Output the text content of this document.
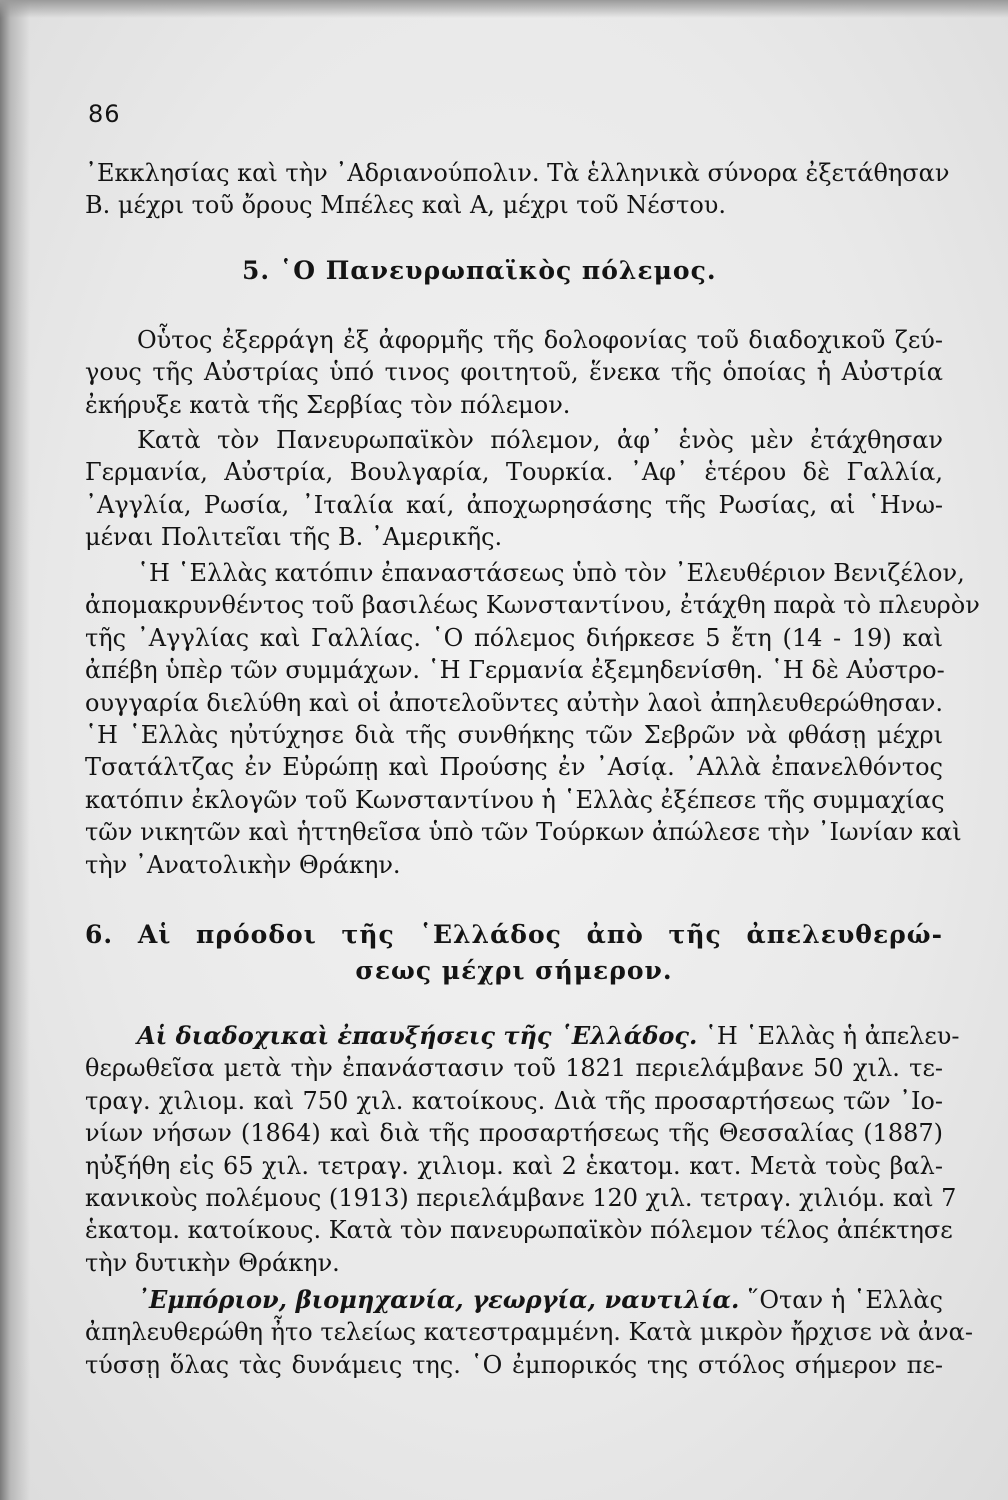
86
᾿Εκκλησίας καὶ τὴν ᾿Αδριανούπολιν. Τὰ ἑλληνικὰ σύνορα ἐξετάθησαν
Β. μέχρι τοῦ ὄρους Μπέλες καὶ Α, μέχρι τοῦ Νέστου.
5. ῾Ο Πανευρωπαϊκὸς πόλεμος.
Οὗτος ἐξερράγη ἐξ ἀφορμῆς τῆς δολοφονίας τοῦ διαδοχικοῦ ζεύ-
γους τῆς Αὐστρίας ὑπό τινος φοιτητοῦ, ἕνεκα τῆς ὁποίας ἡ Αὐστρία
ἐκήρυξε κατὰ τῆς Σερβίας τὸν πόλεμον.
Κατὰ τὸν Πανευρωπαϊκὸν πόλεμον, ἀφ᾿ ἑνὸς μὲν ἐτάχθησαν
Γερμανία, Αὐστρία, Βουλγαρία, Τουρκία. ᾿Αφ᾿ ἑτέρου δὲ Γαλλία,
᾿Αγγλία, Ρωσία, ᾿Ιταλία καί, ἀποχωρησάσης τῆς Ρωσίας, αἱ ῾Ηνω-
μέναι Πολιτεῖαι τῆς Β. ᾿Αμερικῆς.
῾Η ῾Ελλὰς κατόπιν ἐπαναστάσεως ὑπὸ τὸν ᾿Ελευθέριον Βενιζέλον,
ἀπομακρυνθέντος τοῦ βασιλέως Κωνσταντίνου, ἐτάχθη παρὰ τὸ πλευρὸν
τῆς ᾿Αγγλίας καὶ Γαλλίας. ῾Ο πόλεμος διήρκεσε 5 ἔτη (14 - 19) καὶ
ἀπέβη ὑπὲρ τῶν συμμάχων. ῾Η Γερμανία ἐξεμηδενίσθη. ῾Η δὲ Αὐστρο-
ουγγαρία διελύθη καὶ οἱ ἀποτελοῦντες αὐτὴν λαοὶ ἀπηλευθερώθησαν.
῾Η ῾Ελλὰς ηὐτύχησε διὰ τῆς συνθήκης τῶν Σεβρῶν νὰ φθάσῃ μέχρι
Τσατάλτζας ἐν Εὐρώπῃ καὶ Προύσης ἐν ᾿Ασίᾳ. ᾿Αλλὰ ἐπανελθόντος
κατόπιν ἐκλογῶν τοῦ Κωνσταντίνου ἡ ῾Ελλὰς ἐξέπεσε τῆς συμμαχίας
τῶν νικητῶν καὶ ἡττηθεῖσα ὑπὸ τῶν Τούρκων ἀπώλεσε τὴν ᾿Ιωνίαν καὶ
τὴν ᾿Ανατολικὴν Θράκην.
6. Αἱ πρόοδοι τῆς ῾Ελλάδος ἀπὸ τῆς ἀπελευθερώ-
σεως μέχρι σήμερον.
Αἱ διαδοχικαὶ ἐπαυξήσεις τῆς ῾Ελλάδος. ῾Η ῾Ελλὰς ἡ ἀπελευ-
θερωθεῖσα μετὰ τὴν ἐπανάστασιν τοῦ 1821 περιελάμβανε 50 χιλ. τε-
τραγ. χιλιομ. καὶ 750 χιλ. κατοίκους. Διὰ τῆς προσαρτήσεως τῶν ᾿Ιο-
νίων νήσων (1864) καὶ διὰ τῆς προσαρτήσεως τῆς Θεσσαλίας (1887)
ηὐξήθη εἰς 65 χιλ. τετραγ. χιλιομ. καὶ 2 ἑκατομ. κατ. Μετὰ τοὺς βαλ-
κανικοὺς πολέμους (1913) περιελάμβανε 120 χιλ. τετραγ. χιλιόμ. καὶ 7
ἑκατομ. κατοίκους. Κατὰ τὸν πανευρωπαϊκὸν πόλεμον τέλος ἀπέκτησε
τὴν δυτικὴν Θράκην.
᾿Εμπόριον, βιομηχανία, γεωργία, ναυτιλία. ῞Οταν ἡ ῾Ελλὰς
ἀπηλευθερώθη ἦτο τελείως κατεστραμμένη. Κατὰ μικρὸν ἤρχισε νὰ ἀνα-
τύσσῃ ὅλας τὰς δυνάμεις της. ῾Ο ἐμπορικός της στόλος σήμερον πε-
